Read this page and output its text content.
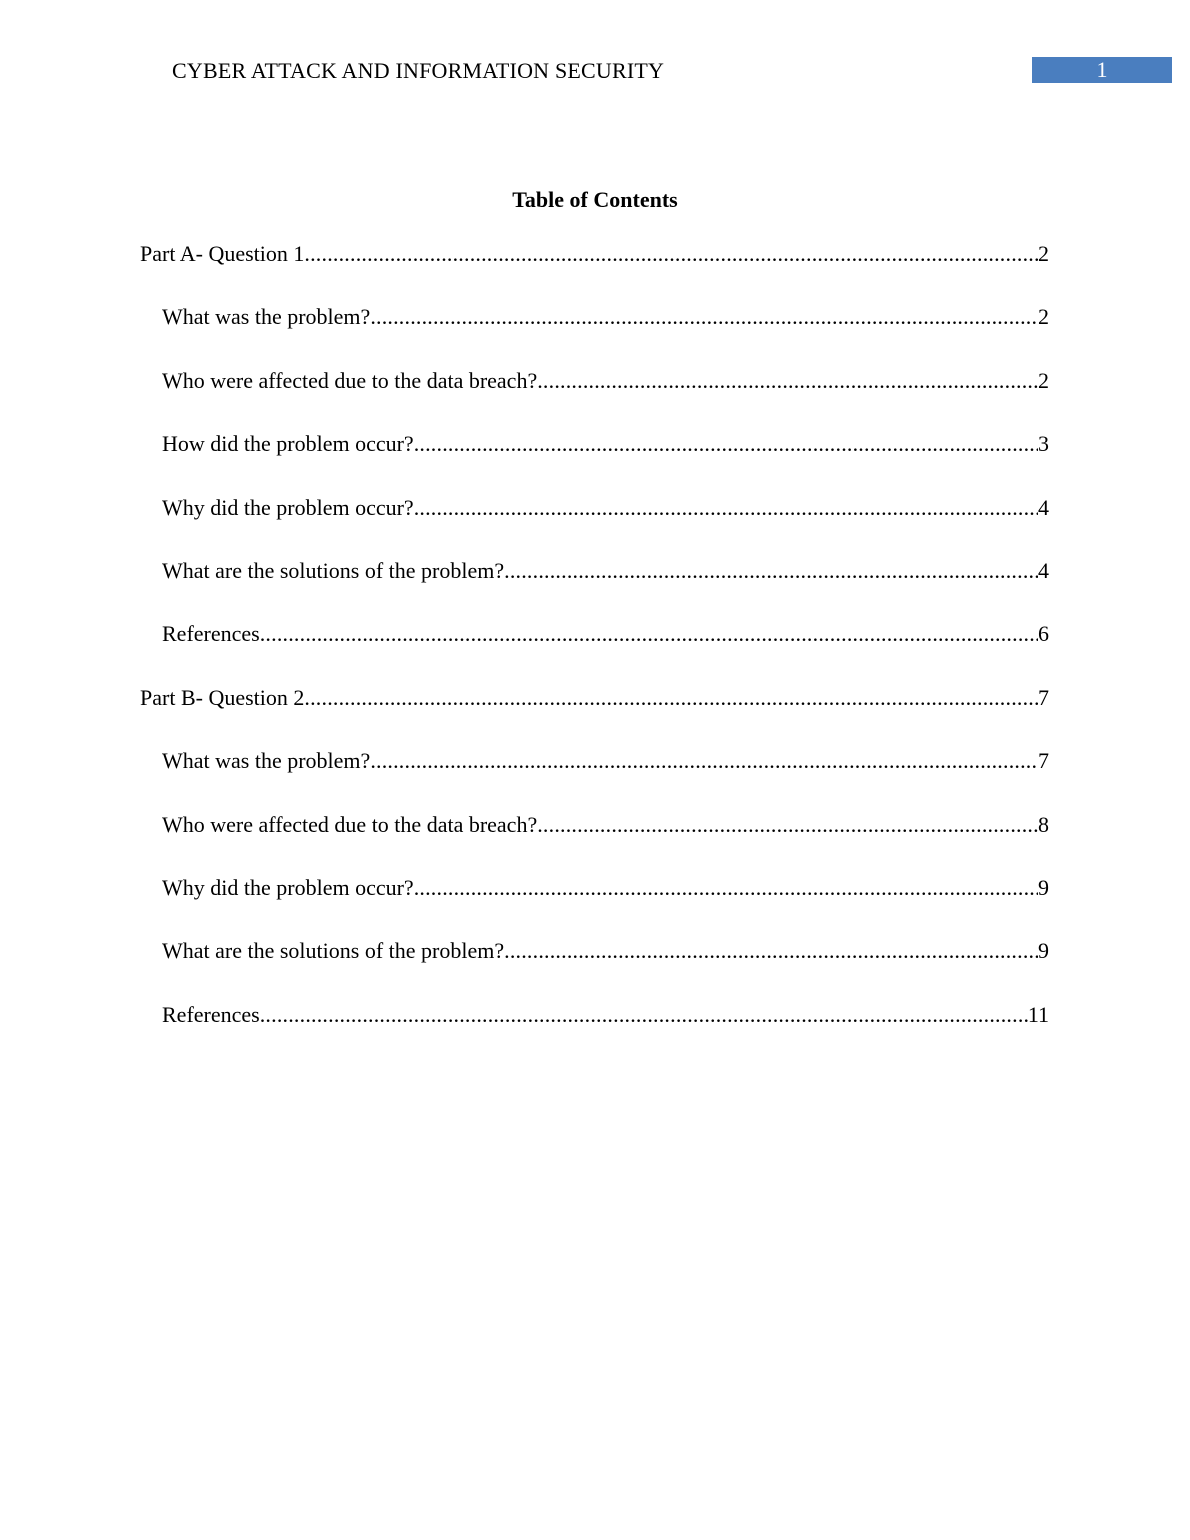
CYBER ATTACK AND INFORMATION SECURITY	1
Table of Contents
Part A- Question 1 .....	2
What was the problem? .....	2
Who were affected due to the data breach? .....	2
How did the problem occur? .....	3
Why did the problem occur? .....	4
What are the solutions of the problem? .....	4
References .....	6
Part B- Question 2 .....	7
What was the problem? .....	7
Who were affected due to the data breach? .....	8
Why did the problem occur? .....	9
What are the solutions of the problem? .....	9
References .....	11
